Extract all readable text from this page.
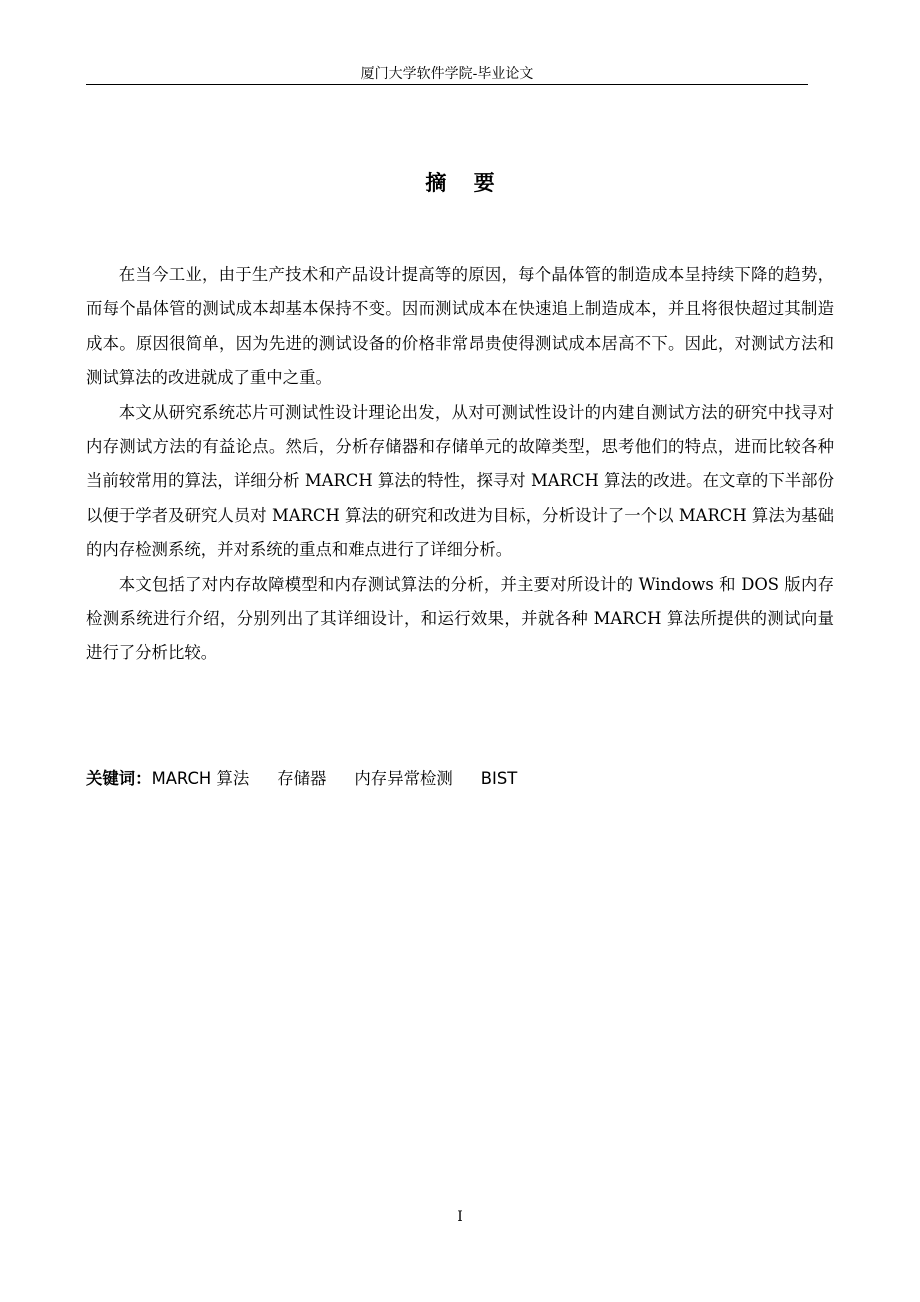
厦门大学软件学院-毕业论文
摘 要

在当今工业，由于生产技术和产品设计提高等的原因，每个晶体管的制造成本呈持续下降的趋势，而每个晶体管的测试成本却基本保持不变。因而测试成本在快速追上制造成本，并且将很快超过其制造成本。原因很简单，因为先进的测试设备的价格非常昂贵使得测试成本居高不下。因此，对测试方法和测试算法的改进就成了重中之重。

本文从研究系统芯片可测试性设计理论出发，从对可测试性设计的内建自测试方法的研究中找寻对内存测试方法的有益论点。然后，分析存储器和存储单元的故障类型，思考他们的特点，进而比较各种当前较常用的算法，详细分析 MARCH 算法的特性，探寻对 MARCH 算法的改进。在文章的下半部份以便于学者及研究人员对 MARCH 算法的研究和改进为目标，分析设计了一个以 MARCH 算法为基础的内存检测系统，并对系统的重点和难点进行了详细分析。

本文包括了对内存故障模型和内存测试算法的分析，并主要对所设计的 Windows 和 DOS 版内存检测系统进行介绍，分别列出了其详细设计，和运行效果，并就各种 MARCH 算法所提供的测试向量进行了分析比较。

关键词：MARCH 算法 存储器 内存异常检测 BIST
I
